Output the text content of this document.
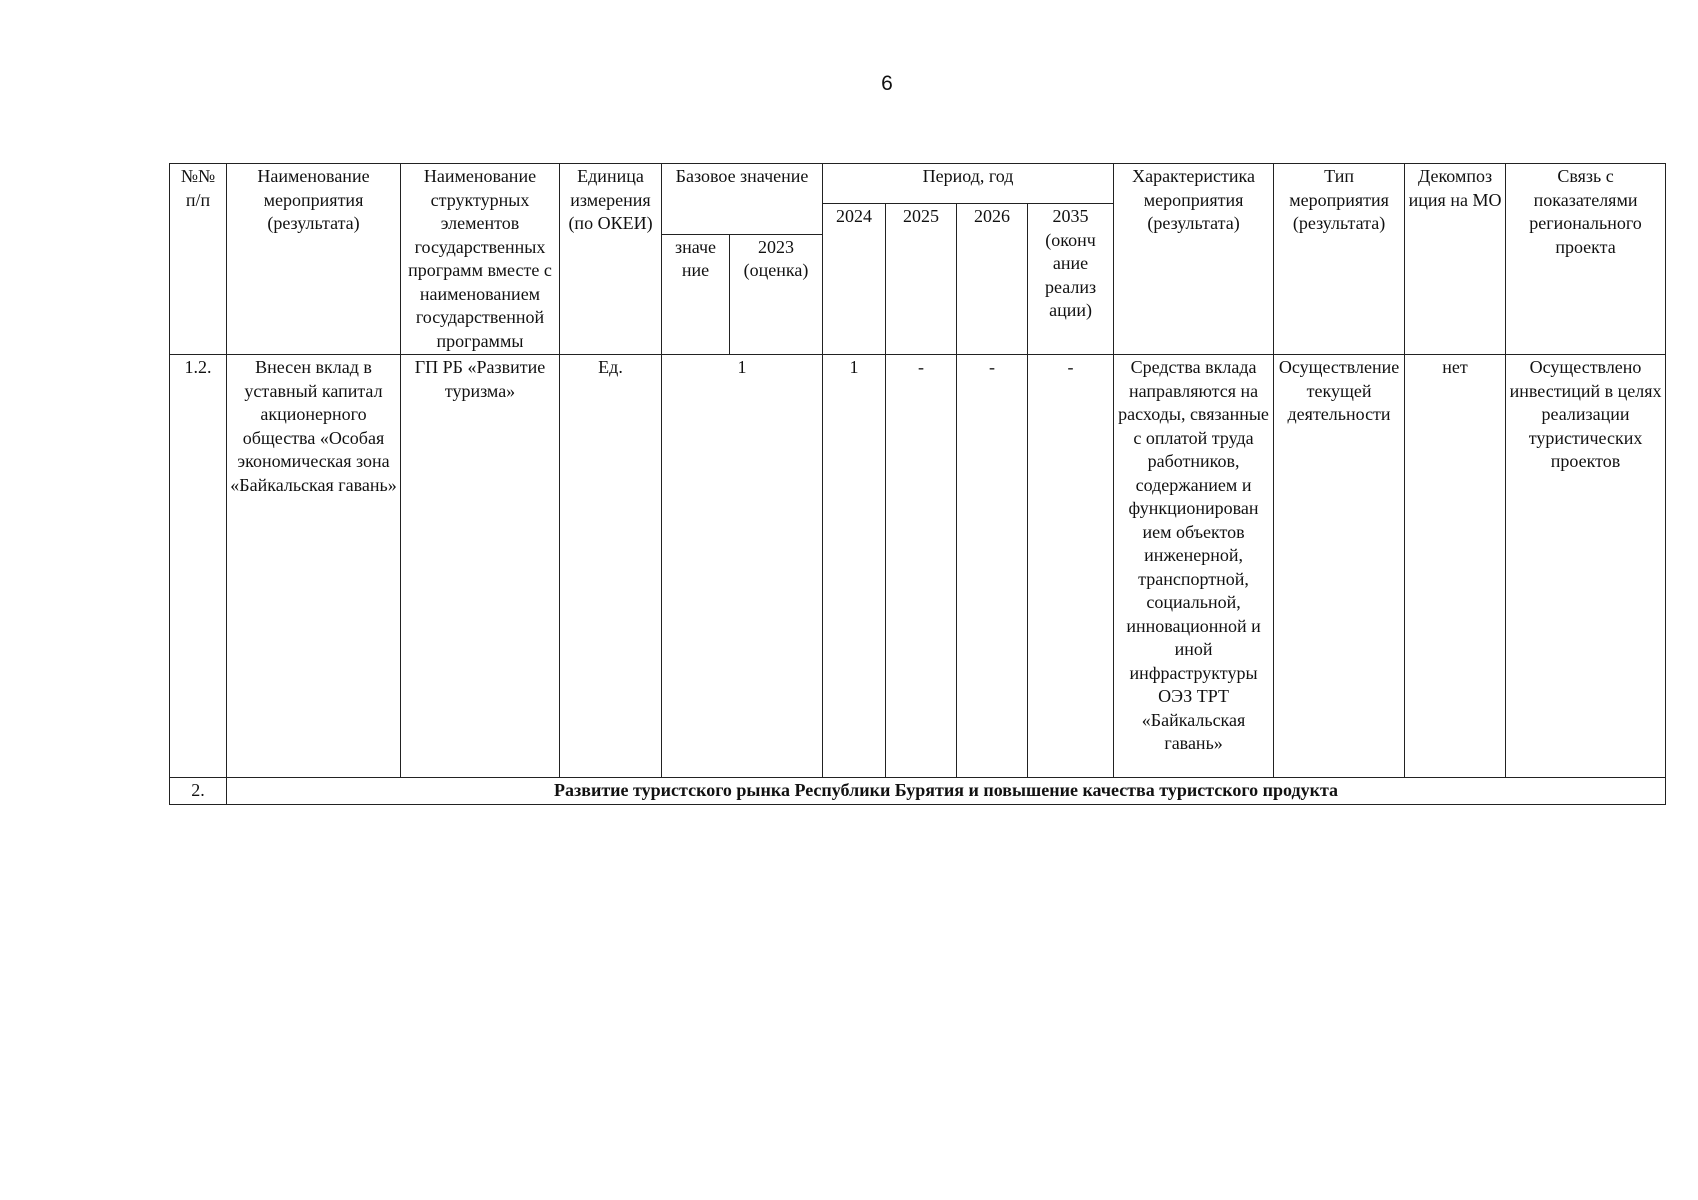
6
№№ п/п	Наименование мероприятия (результата)	Наименование структурных элементов государственных программ вместе с наименованием государственной программы	Единица измерения (по ОКЕИ)	Базовое значение		Период, год				Характеристика мероприятия (результата)	Тип мероприятия (результата)	Декомпоз иция на МО	Связь с показателями регионального проекта
						2024	2025	2026	2035 (оконч ание реализ ации)				
				значе ние	2023 (оценка)								
1.2.	Внесен вклад в уставный капитал акционерного общества «Особая экономическая зона «Байкальская гавань»	ГП РБ «Развитие туризма»	Ед.	1		1	-	-	-	Средства вклада направляются на расходы, связанные с оплатой труда работников, содержанием и функционирован ием объектов инженерной, транспортной, социальной, инновационной и иной инфраструктуры ОЭЗ ТРТ «Байкальская гавань»	Осуществление текущей деятельности	нет	Осуществлено инвестиций в целях реализации туристических проектов
2.	Развитие туристского рынка Республики Бурятия и повышение качества туристского продукта												
